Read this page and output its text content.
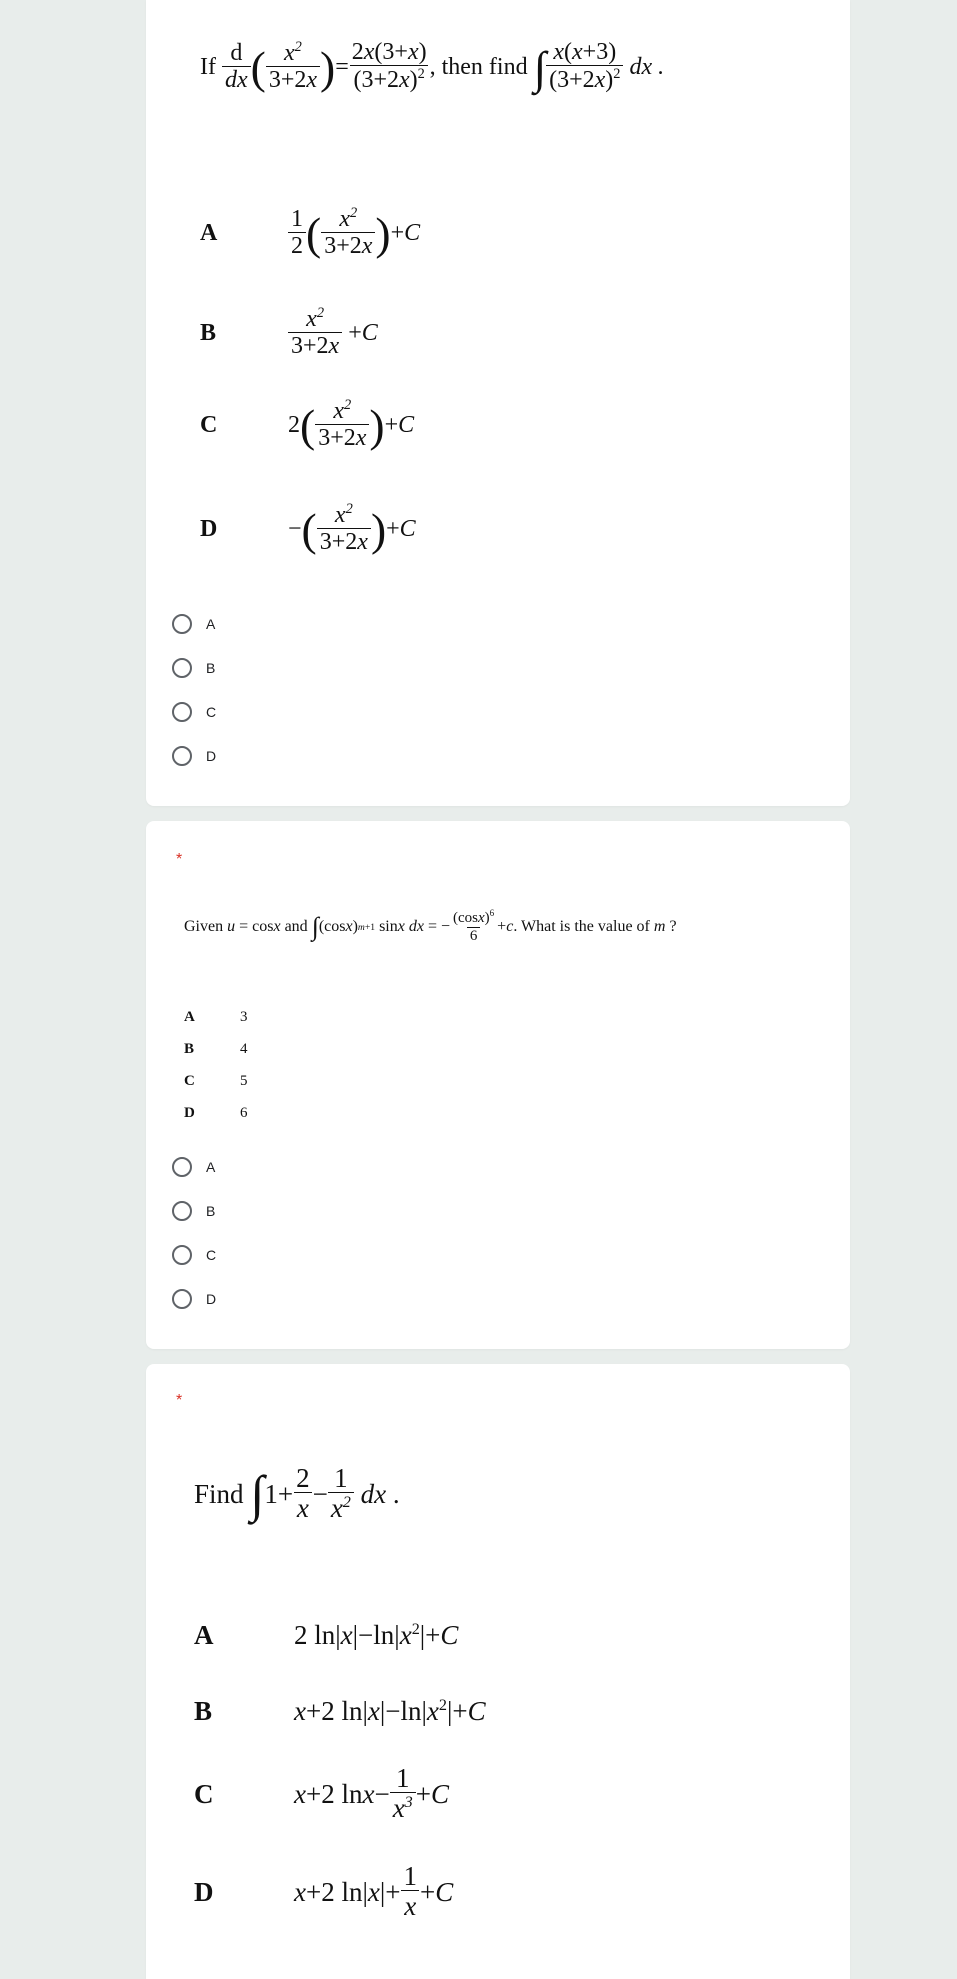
If
$\frac{d}{dx}$ ( $\frac{x^2}{3+2x}$ ) = $\frac{2x(3+x)}{(3+2x)^2}$ , then find
∫ $\frac{x(x+3)}{(3+2x)^2}$
dx .
A	$\frac{1}{2}$ ( $\frac{x^2}{3+2x}$ ) + C
B	$\frac{x^2}{3+2x} + C$
C	2 ( $\frac{x^2}{3+2x}$ ) + C
D	− ( $\frac{x^2}{3+2x}$ ) + C
A
B
C
D
*
Given
u = cos x
and
∫ (cos x ) m+1 sin x
dx = − $\frac{(\cos x)^6}{6} + c$ . What is the value of
m ?
A	3
B	4
C	5
D	6
A
B
C
D
*
Find
∫ $1+ \frac{2}{x} - \frac{1}{x^2}$
dx .
A	2 $\ln|x|-\ln|x^2|+C$
B	x+2 $\ln|x|-\ln|x^2|+C$
C	x +2 $\ln x - \frac{1}{x^3} + C$
D	x +2 ln| x |+ $\frac{1}{x} + C$
